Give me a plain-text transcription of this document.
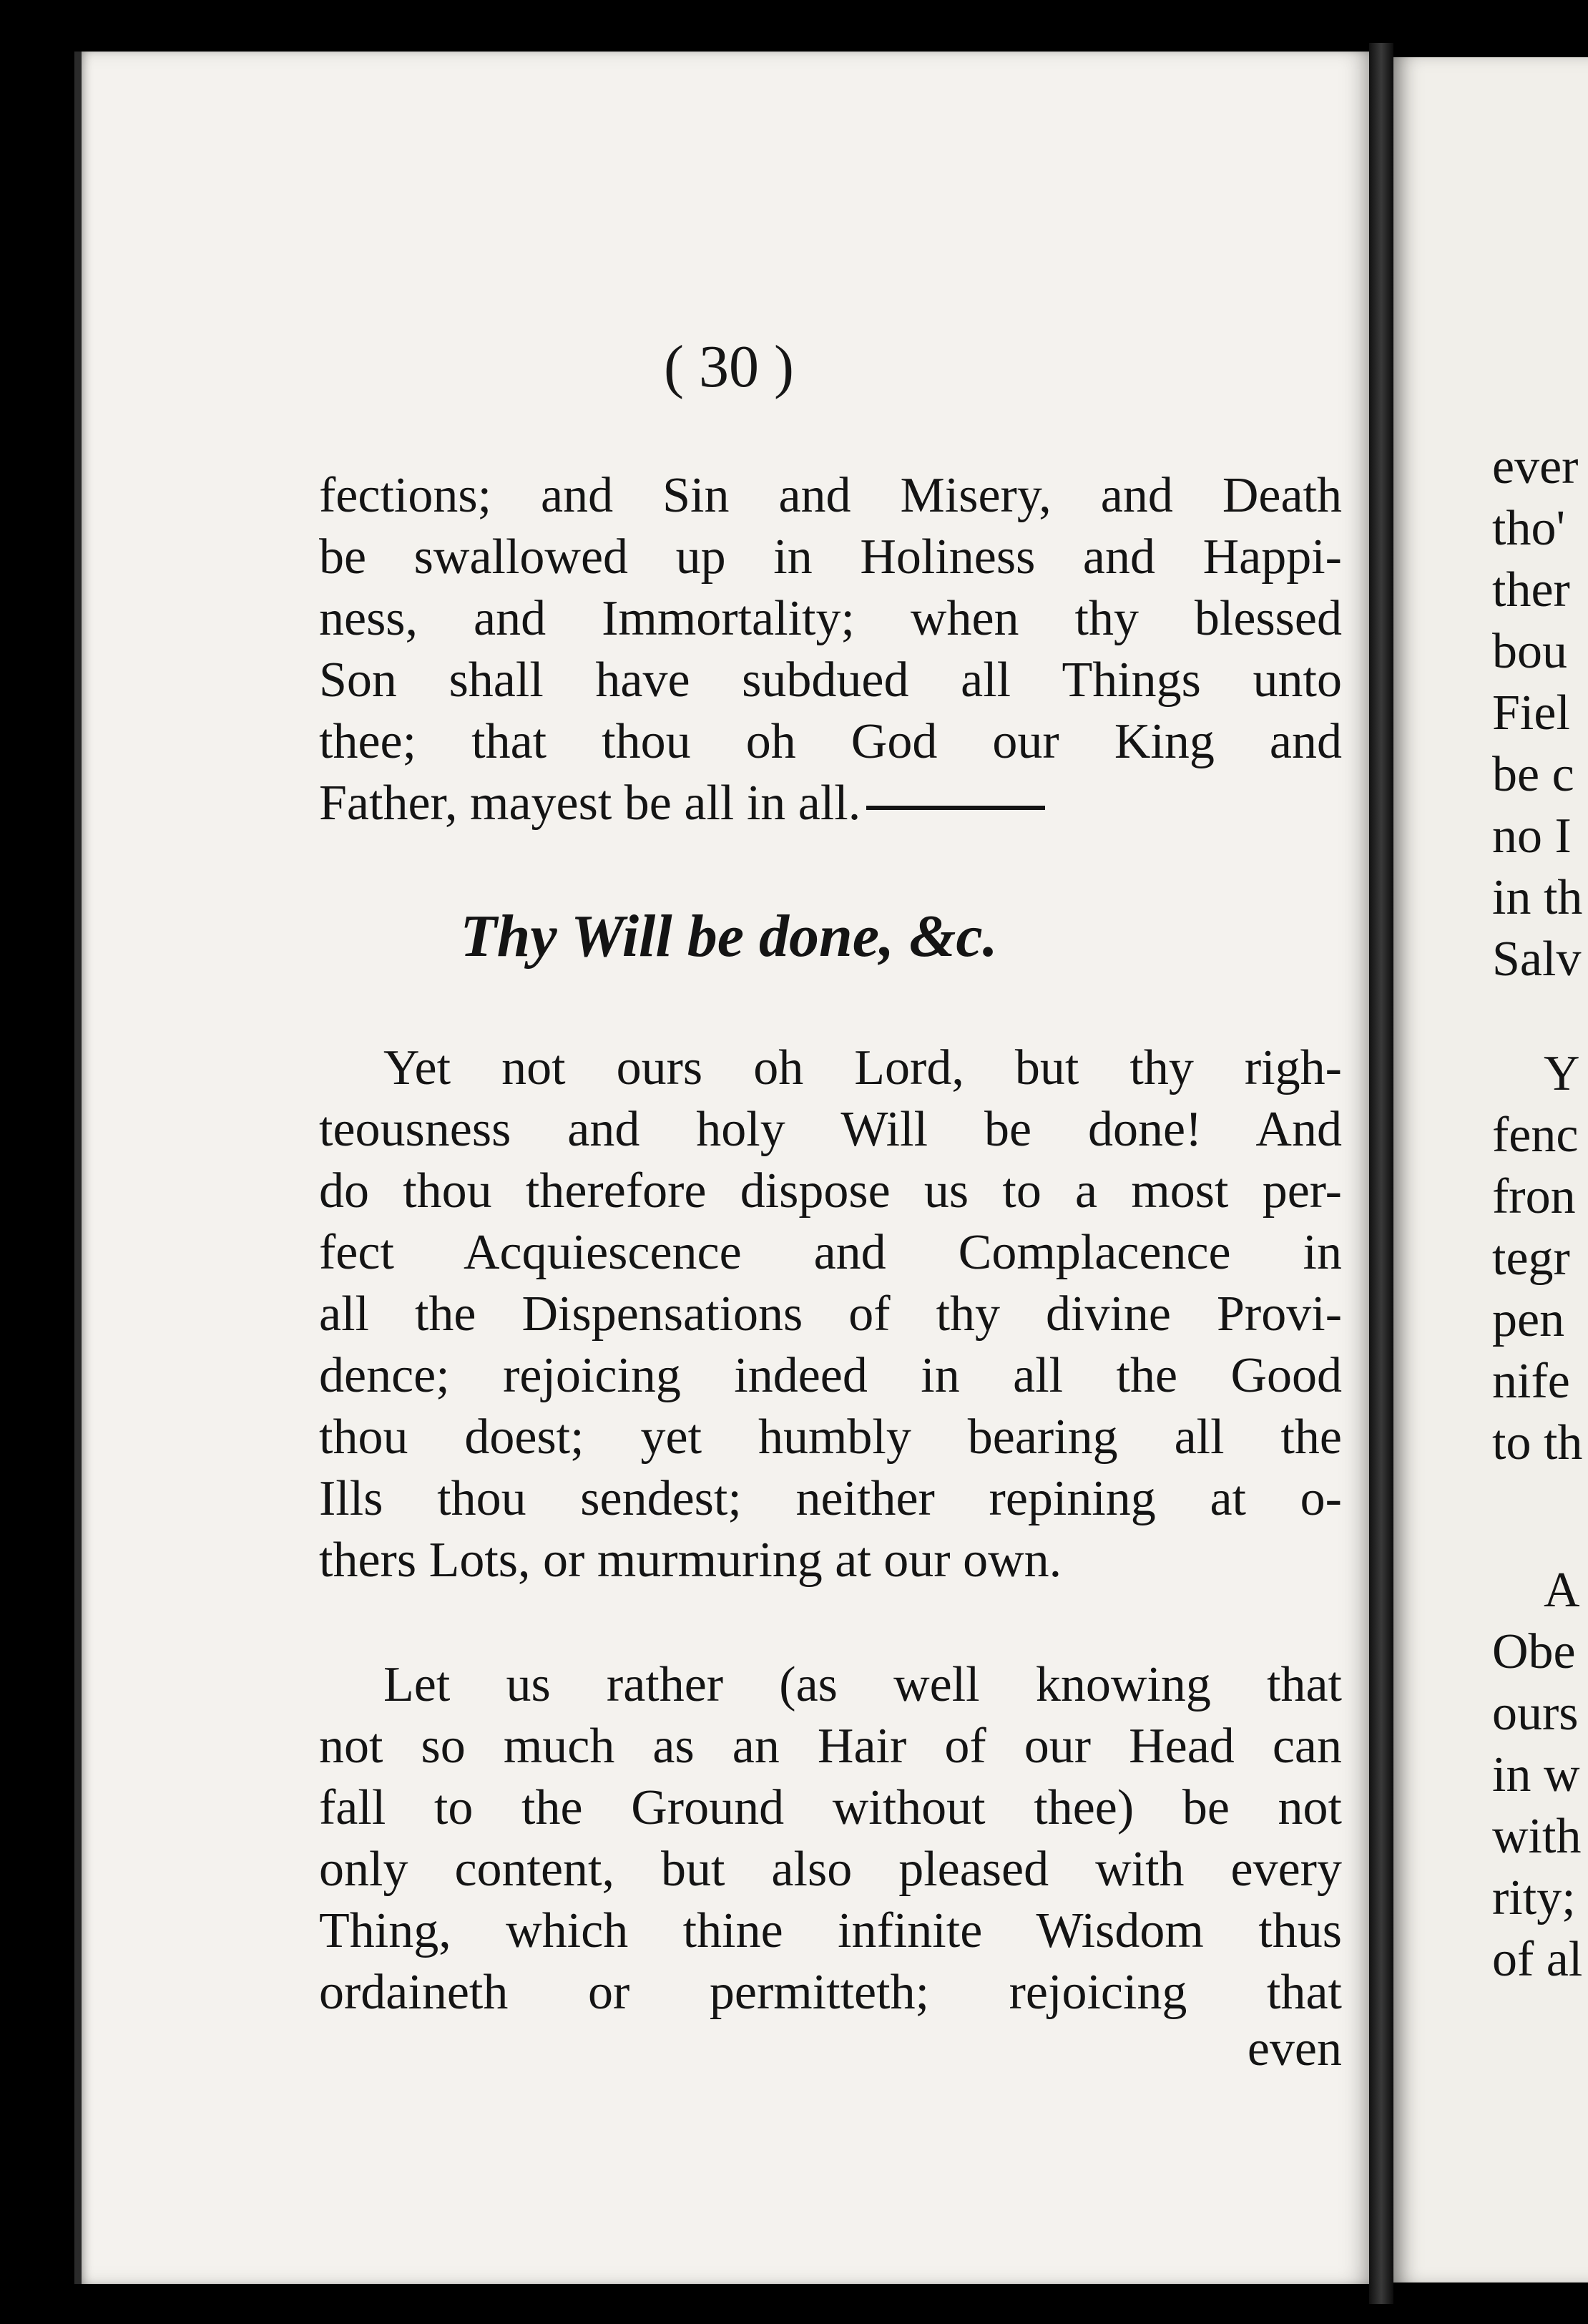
( 30 )

fections; and Sin and Misery, and Death
be swallowed up in Holiness and Happi-
ness, and Immortality; when thy blessed
Son shall have subdued all Things unto
thee; that thou oh God our King and
Father, mayest be all in all.

Thy Will be done, &c.

Yet not ours oh Lord, but thy righ-
teousness and holy Will be done! And
do thou therefore dispose us to a most per-
fect Acquiescence and Complacence in
all the Dispensations of thy divine Provi-
dence; rejoicing indeed in all the Good
thou doest; yet humbly bearing all the
Ills thou sendest; neither repining at o-
thers Lots, or murmuring at our own.

Let us rather (as well knowing that
not so much as an Hair of our Head can
fall to the Ground without thee) be not
only content, but also pleased with every
Thing, which thine infinite Wisdom thus
ordaineth or permitteth; rejoicing that

even
ever
tho'
ther
bou
Fiel
be c
no I
in th
Salv
Y
fenc
fron
tegr
pen
nife
to th
A
Obe
ours
in w
with
rity;
of al
